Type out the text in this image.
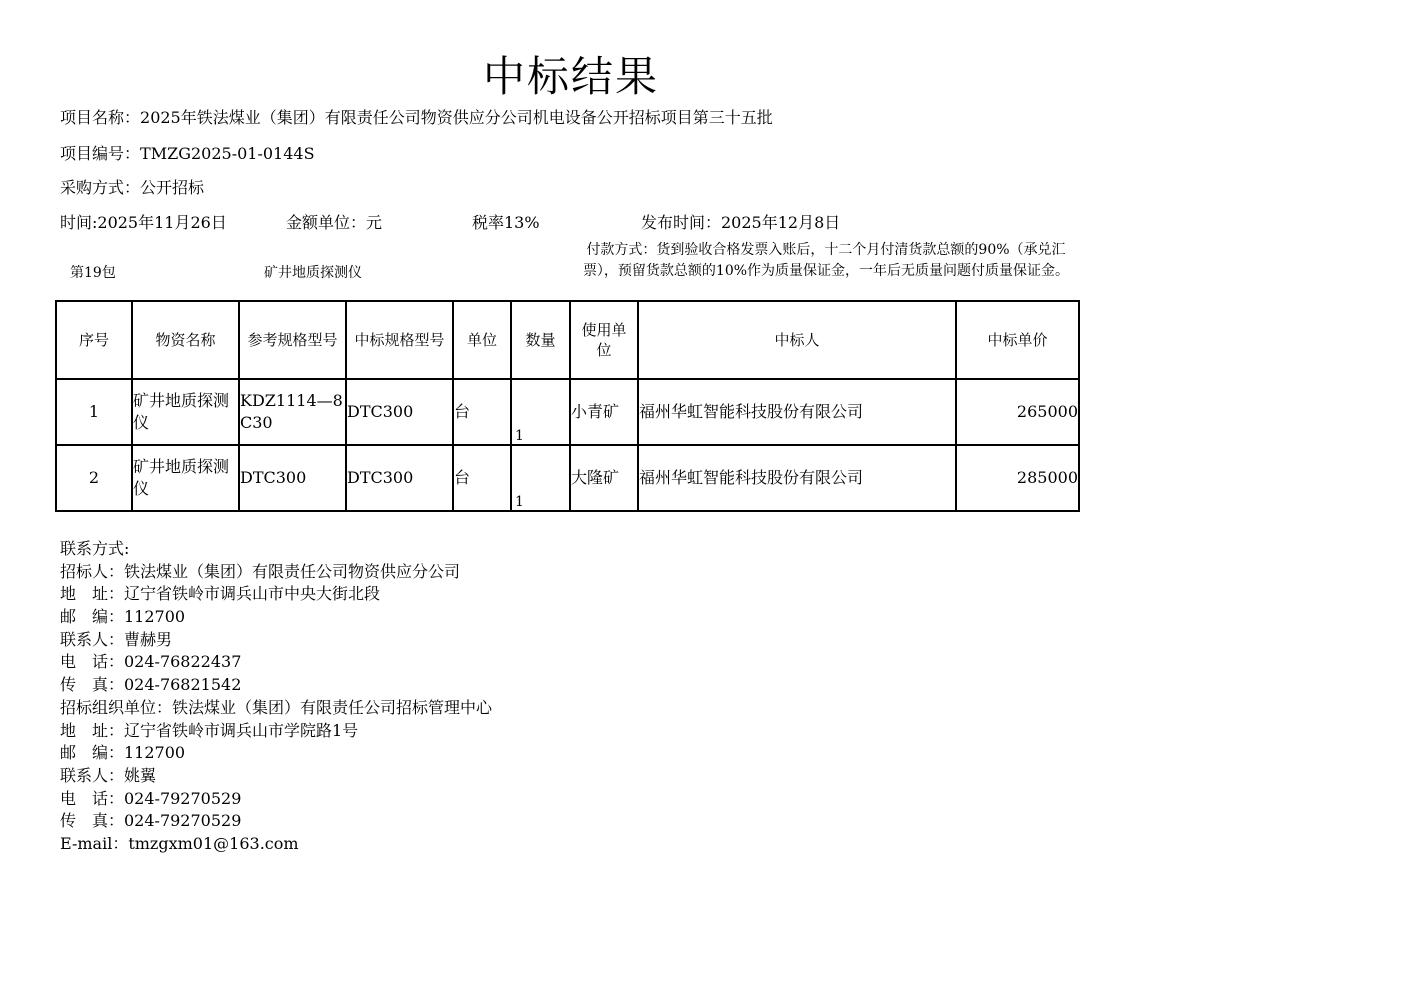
中标结果
项目名称：2025年铁法煤业（集团）有限责任公司物资供应分公司机电设备公开招标项目第三十五批
项目编号：TMZG2025-01-0144S
采购方式：公开招标
时间:2025年11月26日	金额单位：元	税率13%	发布时间：2025年12月8日
第19包	矿井地质探测仪
付款方式：货到验收合格发票入账后，十二个月付清货款总额的90%（承兑汇票），预留货款总额的10%作为质量保证金，一年后无质量问题付质量保证金。
序号	物资名称	参考规格型号	中标规格型号	单位	数量	使用单位	中标人	中标单价
1	矿井地质探测仪	KDZ1114—8C30	DTC300	台	1	小青矿	福州华虹智能科技股份有限公司	265000
2	矿井地质探测仪	DTC300	DTC300	台	1	大隆矿	福州华虹智能科技股份有限公司	285000
联系方式:
招标人：铁法煤业（集团）有限责任公司物资供应分公司
地　址：辽宁省铁岭市调兵山市中央大街北段
邮　编：112700
联系人：曹赫男
电　话：024-76822437
传　真：024-76821542
招标组织单位：铁法煤业（集团）有限责任公司招标管理中心
地　址：辽宁省铁岭市调兵山市学院路1号
邮　编：112700
联系人：姚翼
电　话：024-79270529
传　真：024-79270529
E-mail：tmzgxm01@163.com
